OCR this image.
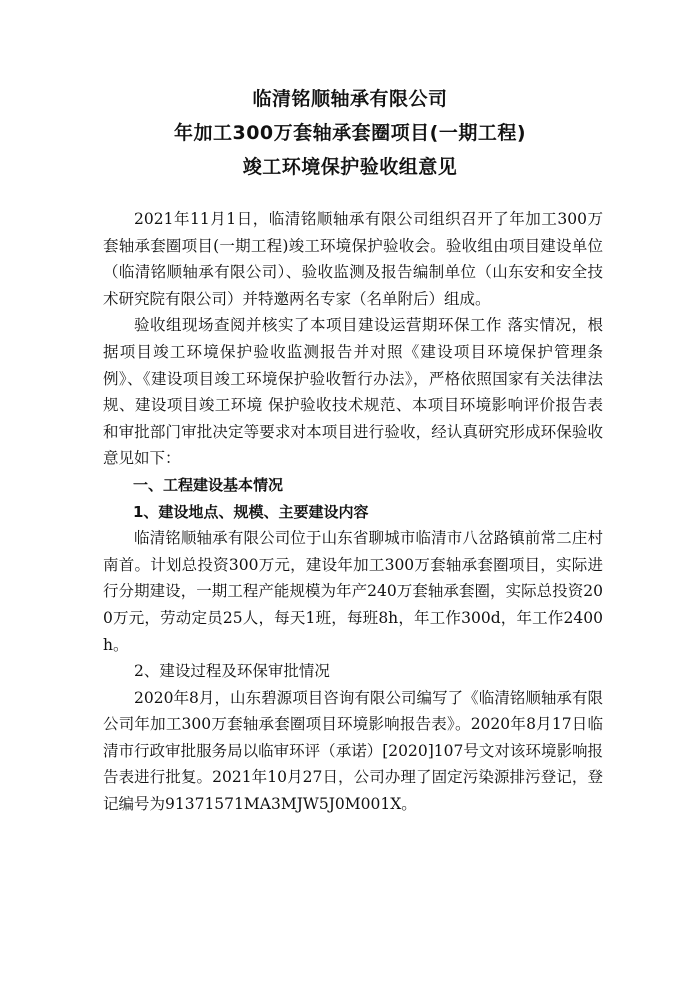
临清铭顺轴承有限公司
年加工300万套轴承套圈项目(一期工程)
竣工环境保护验收组意见

2021年11月1日，临清铭顺轴承有限公司组织召开了年加工300万套轴承套圈项目(一期工程)竣工环境保护验收会。验收组由项目建设单位（临清铭顺轴承有限公司）、验收监测及报告编制单位（山东安和安全技术研究院有限公司）并特邀两名专家（名单附后）组成。

验收组现场查阅并核实了本项目建设运营期环保工作 落实情况，根据项目竣工环境保护验收监测报告并对照《建设项目环境保护管理条例》、《建设项目竣工环境保护验收暂行办法》，严格依照国家有关法律法规、建设项目竣工环境 保护验收技术规范、本项目环境影响评价报告表和审批部门审批决定等要求对本项目进行验收，经认真研究形成环保验收意见如下：

一、工程建设基本情况

1、建设地点、规模、主要建设内容

临清铭顺轴承有限公司位于山东省聊城市临清市八岔路镇前常二庄村南首。计划总投资300万元，建设年加工300万套轴承套圈项目，实际进行分期建设，一期工程产能规模为年产240万套轴承套圈，实际总投资200万元，劳动定员25人，每天1班，每班8h，年工作300d，年工作2400h。

2、建设过程及环保审批情况

2020年8月，山东碧源项目咨询有限公司编写了《临清铭顺轴承有限公司年加工300万套轴承套圈项目环境影响报告表》。2020年8月17日临清市行政审批服务局以临审环评（承诺）[2020]107号文对该环境影响报告表进行批复。2021年10月27日，公司办理了固定污染源排污登记，登记编号为91371571MA3MJW5J0M001X。
